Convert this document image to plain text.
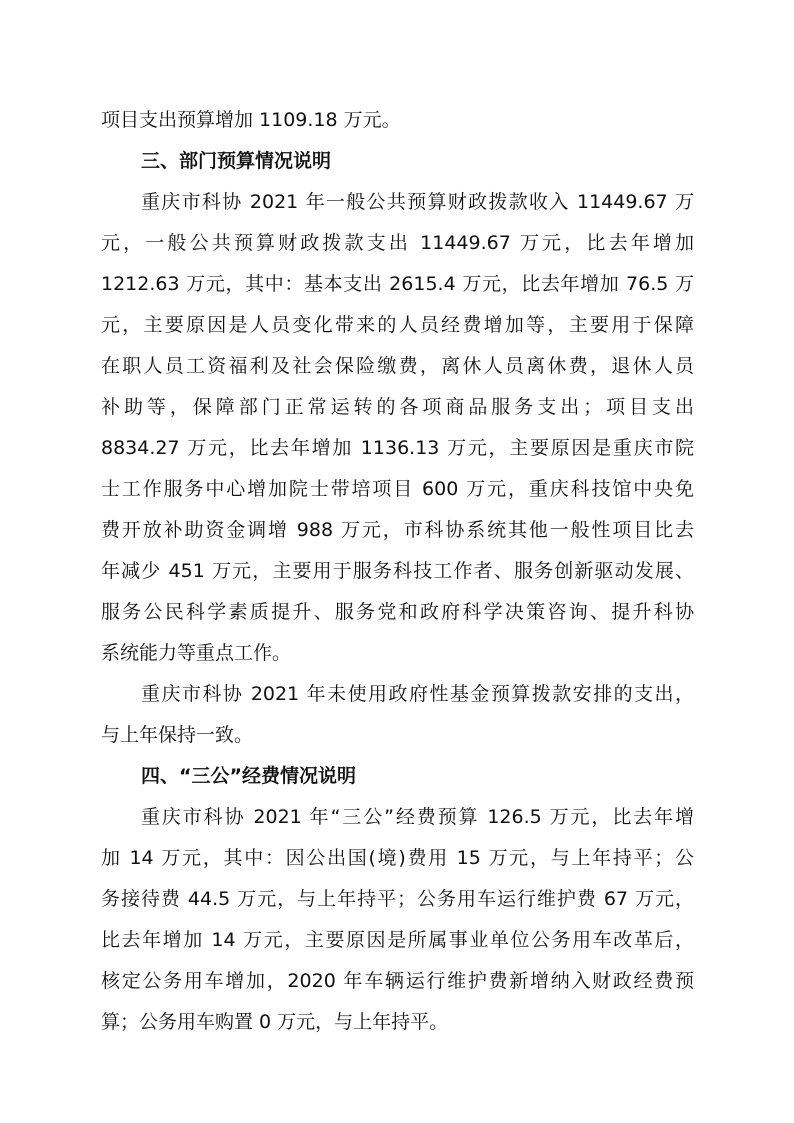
项目支出预算增加 1109.18 万元。
三、部门预算情况说明
重庆市科协 2021 年一般公共预算财政拨款收入 11449.67 万
元，一般公共预算财政拨款支出 11449.67 万元，比去年增加
1212.63 万元，其中：基本支出 2615.4 万元，比去年增加 76.5 万
元，主要原因是人员变化带来的人员经费增加等，主要用于保障
在职人员工资福利及社会保险缴费，离休人员离休费，退休人员
补助等，保障部门正常运转的各项商品服务支出；项目支出
8834.27 万元，比去年增加 1136.13 万元，主要原因是重庆市院
士工作服务中心增加院士带培项目 600 万元，重庆科技馆中央免
费开放补助资金调增 988 万元，市科协系统其他一般性项目比去
年减少 451 万元，主要用于服务科技工作者、服务创新驱动发展、
服务公民科学素质提升、服务党和政府科学决策咨询、提升科协
系统能力等重点工作。
重庆市科协 2021 年未使用政府性基金预算拨款安排的支出，
与上年保持一致。
四、“三公”经费情况说明
重庆市科协 2021 年“三公”经费预算 126.5 万元，比去年增
加 14 万元，其中：因公出国(境)费用 15 万元，与上年持平；公
务接待费 44.5 万元，与上年持平；公务用车运行维护费 67 万元，
比去年增加 14 万元，主要原因是所属事业单位公务用车改革后，
核定公务用车增加，2020 年车辆运行维护费新增纳入财政经费预
算；公务用车购置 0 万元，与上年持平。
